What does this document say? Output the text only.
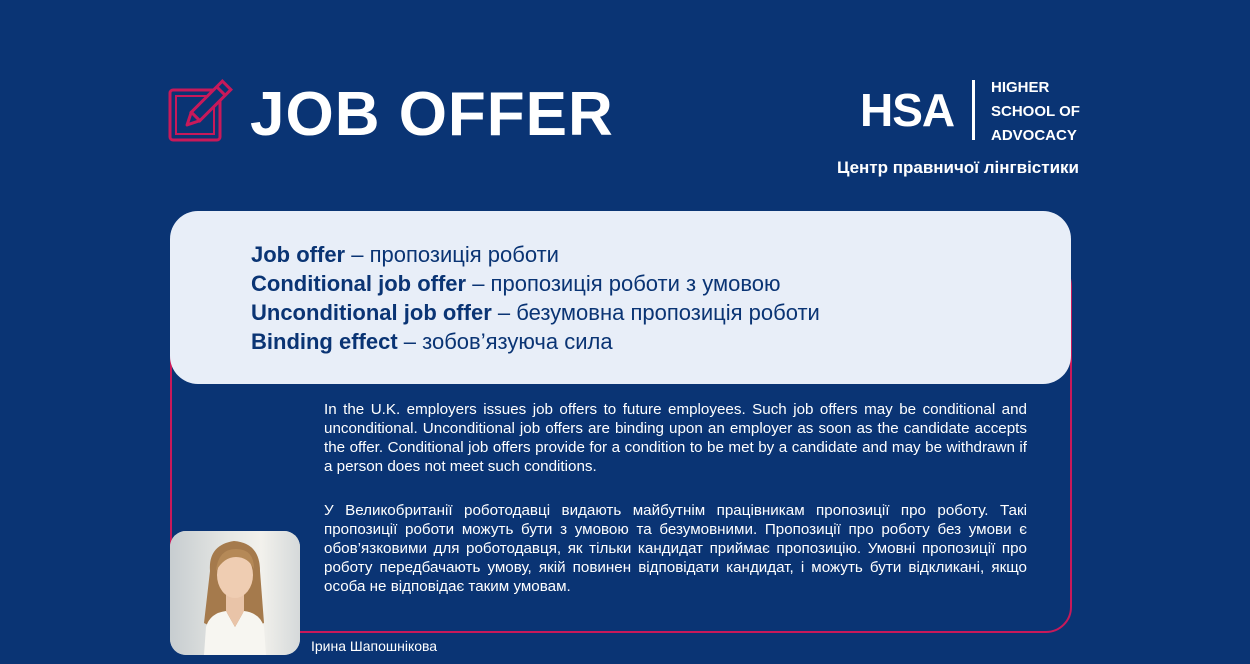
JOB OFFER	HSA HIGHER
SCHOOL OF
ADVOCACY
Центр правничої лінгвістики
Job offer – пропозиція роботи
Conditional job offer – пропозиція роботи з умовою
Unconditional job offer – безумовна пропозиція роботи
Binding effect – зобов’язуюча сила
In the U.K. employers issues job offers to future employees. Such job offers may be conditional and unconditional. Unconditional job offers are binding upon an employer as soon as the candidate accepts the offer. Conditional job offers provide for a condition to be met by a candidate and may be withdrawn if a person does not meet such conditions.
У Великобританії роботодавці видають майбутнім працівникам пропозиції про роботу. Такі пропозиції роботи можуть бути з умовою та безумовними. Пропозиції про роботу без умови є обов’язковими для роботодавця, як тільки кандидат приймає пропозицію. Умовні пропозиції про роботу передбачають умову, якій повинен відповідати кандидат, і можуть бути відкликані, якщо особа не відповідає таким умовам.
Ірина Шапошнікова
